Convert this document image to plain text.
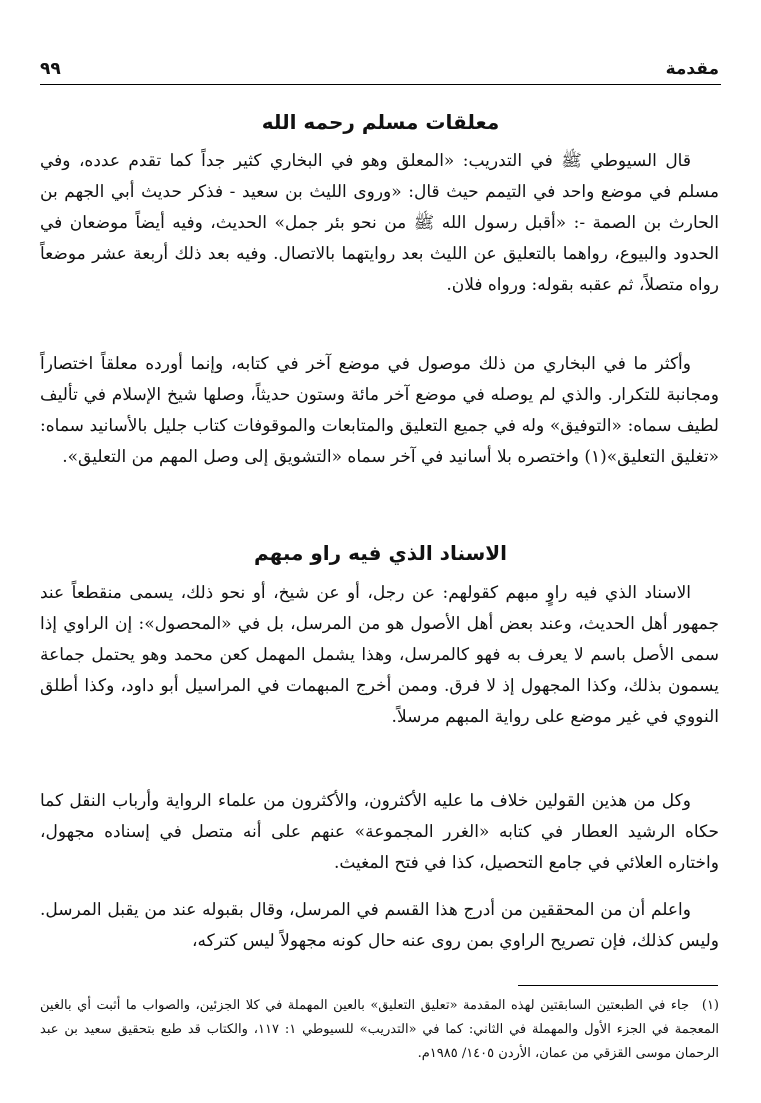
مقدمة
٩٩
معلقات مسلم رحمه الله
قال السيوطي ﷺ في التدريب: «المعلق وهو في البخاري كثير جداً كما تقدم عدده، وفي مسلم في موضع واحد في التيمم حيث قال: «وروى الليث بن سعيد - فذكر حديث أبي الجهم بن الحارث بن الصمة -: «أقبل رسول الله ﷺ من نحو بئر جمل» الحديث، وفيه أيضاً موضعان في الحدود والبيوع، رواهما بالتعليق عن الليث بعد روايتهما بالاتصال. وفيه بعد ذلك أربعة عشر موضعاً رواه متصلاً، ثم عقبه بقوله: ورواه فلان.
وأكثر ما في البخاري من ذلك موصول في موضع آخر في كتابه، وإنما أورده معلقاً اختصاراً ومجانبة للتكرار. والذي لم يوصله في موضع آخر مائة وستون حديثاً، وصلها شيخ الإسلام في تأليف لطيف سماه: «التوفيق» وله في جميع التعليق والمتابعات والموقوفات كتاب جليل بالأسانيد سماه: «تغليق التعليق»(١) واختصره بلا أسانيد في آخر سماه «التشويق إلى وصل المهم من التعليق».
الاسناد الذي فيه راو مبهم
الاسناد الذي فيه راوٍ مبهم كقولهم: عن رجل، أو عن شيخ، أو نحو ذلك، يسمى منقطعاً عند جمهور أهل الحديث، وعند بعض أهل الأصول هو من المرسل، بل في «المحصول»: إن الراوي إذا سمى الأصل باسم لا يعرف به فهو كالمرسل، وهذا يشمل المهمل كعن محمد وهو يحتمل جماعة يسمون بذلك، وكذا المجهول إذ لا فرق. وممن أخرج المبهمات في المراسيل أبو داود، وكذا أطلق النووي في غير موضع على رواية المبهم مرسلاً.
وكل من هذين القولين خلاف ما عليه الأكثرون، والأكثرون من علماء الرواية وأرباب النقل كما حكاه الرشيد العطار في كتابه «الغرر المجموعة» عنهم على أنه متصل في إسناده مجهول، واختاره العلائي في جامع التحصيل، كذا في فتح المغيث.
واعلم أن من المحققين من أدرج هذا القسم في المرسل، وقال بقبوله عند من يقبل المرسل. وليس كذلك، فإن تصريح الراوي بمن روى عنه حال كونه مجهولاً ليس كتركه،
(١)جاء في الطبعتين السابقتين لهذه المقدمة «تعليق التعليق» بالعين المهملة في كلا الجزئين، والصواب ما أثبت أي بالغين المعجمة في الجزء الأول والمهملة في الثاني: كما في «التدريب» للسيوطي ١: ١١٧، والكتاب قد طبع بتحقيق سعيد بن عبد الرحمان موسى القزقي من عمان، الأردن ١٤٠٥/ ١٩٨٥م.
